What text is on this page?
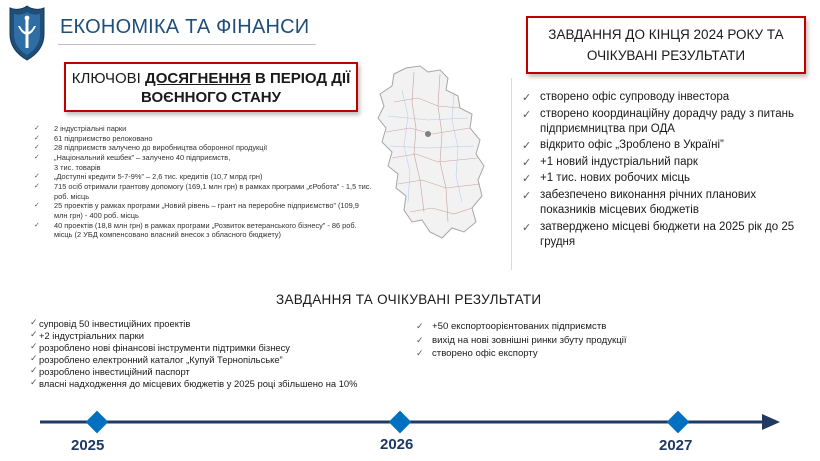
ЕКОНОМІКА ТА ФІНАНСИ
КЛЮЧОВІ ДОСЯГНЕННЯ В ПЕРІОД ДІЇ
ВОЄННОГО СТАНУ
✓ 2 індустріальні парки
✓ 61 підприємство релоковано
✓ 28 підприємств залучено до виробництва оборонної продукції
✓ „Національний кешбек” – залучено 40 підприємств,
3 тис. товарів
✓ „Доступні кредити 5-7-9%” – 2,6 тис. кредитів (10,7 млрд грн)
✓ 715 осіб отримали грантову допомогу (169,1 млн грн) в рамках програми „єРобота” - 1,5 тис. роб. місць
✓ 25 проектів у рамках програми „Новий рівень – грант на переробне підприємство” (109,9 млн грн) - 400 роб. місць
✓ 40 проектів (18,8 млн грн) в рамках програми „Розвиток ветеранського бізнесу” - 86 роб. місць (2 УБД компенсовано власний внесок з обласного бюджету)
ЗАВДАННЯ ДО КІНЦЯ 2024 РОКУ ТА
ОЧІКУВАНІ РЕЗУЛЬТАТИ
✓ створено офіс супроводу інвестора
✓ створено координаційну дорадчу раду з питань підприємництва при ОДА
✓ відкрито офіс „Зроблено в Україні”
✓ +1 новий індустріальний парк
✓ +1 тис. нових робочих місць
✓ забезпечено виконання річних планових показників місцевих бюджетів
✓ затверджено місцеві бюджети на 2025 рік до 25 грудня
ЗАВДАННЯ ТА ОЧІКУВАНІ РЕЗУЛЬТАТИ
✓ супровід 50 інвестиційних проектів
✓ +2 індустріальних парки
✓ розроблено нові фінансові інструменти підтримки бізнесу
✓ розроблено електронний каталог „Купуй Тернопільське”
✓ розроблено інвестиційний паспорт
✓ власні надходження до місцевих бюджетів у 2025 році збільшено на 10%
✓ +50 експортоорієнтованих підприємств
✓ вихід на нові зовнішні ринки збуту продукції
✓ створено офіс експорту
2025	2026	2027
